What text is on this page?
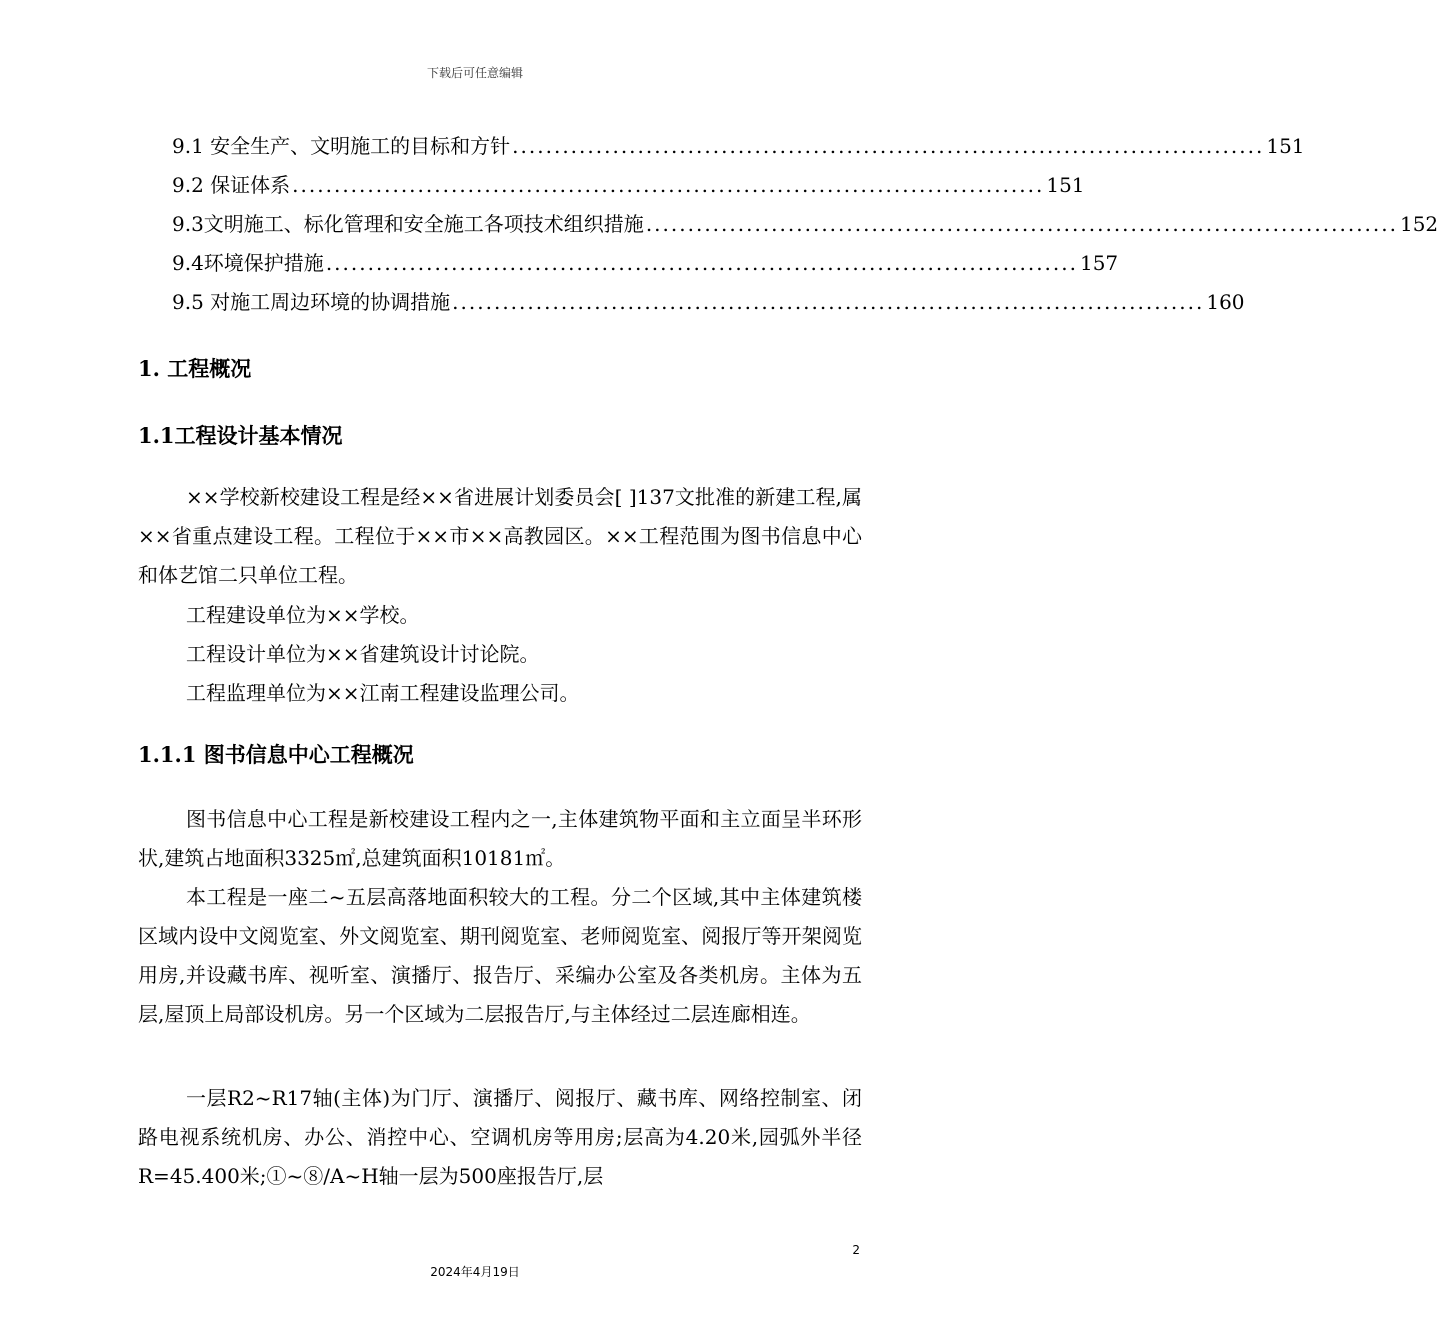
下载后可任意编辑
9.1 安全生产、文明施工的目标和方针 .......................................................................................... 151
9.2 保证体系 .......................................................................................... 151
9.3文明施工、标化管理和安全施工各项技术组织措施 .......................................................................................... 152
9.4环境保护措施 .......................................................................................... 157
9.5 对施工周边环境的协调措施 .......................................................................................... 160
1. 工程概况
1.1工程设计基本情况

××学校新校建设工程是经××省进展计划委员会[ ]137文批准的新建工程,属××省重点建设工程。工程位于××市××高教园区。××工程范围为图书信息中心和体艺馆二只单位工程。

工程建设单位为××学校。
工程设计单位为××省建筑设计讨论院。
工程监理单位为××江南工程建设监理公司。
1.1.1 图书信息中心工程概况

图书信息中心工程是新校建设工程内之一,主体建筑物平面和主立面呈半环形状,建筑占地面积3325㎡,总建筑面积10181㎡。

本工程是一座二~五层高落地面积较大的工程。分二个区域,其中主体建筑楼区域内设中文阅览室、外文阅览室、期刊阅览室、老师阅览室、阅报厅等开架阅览用房,并设藏书库、视听室、演播厅、报告厅、采编办公室及各类机房。主体为五层,屋顶上局部设机房。另一个区域为二层报告厅,与主体经过二层连廊相连。

一层R2~R17轴(主体)为门厅、演播厅、阅报厅、藏书库、网络控制室、闭路电视系统机房、办公、消控中心、空调机房等用房;层高为4.20米,园弧外半径R=45.400米;①~⑧/A~H轴一层为500座报告厅,层

2
2024年4月19日
